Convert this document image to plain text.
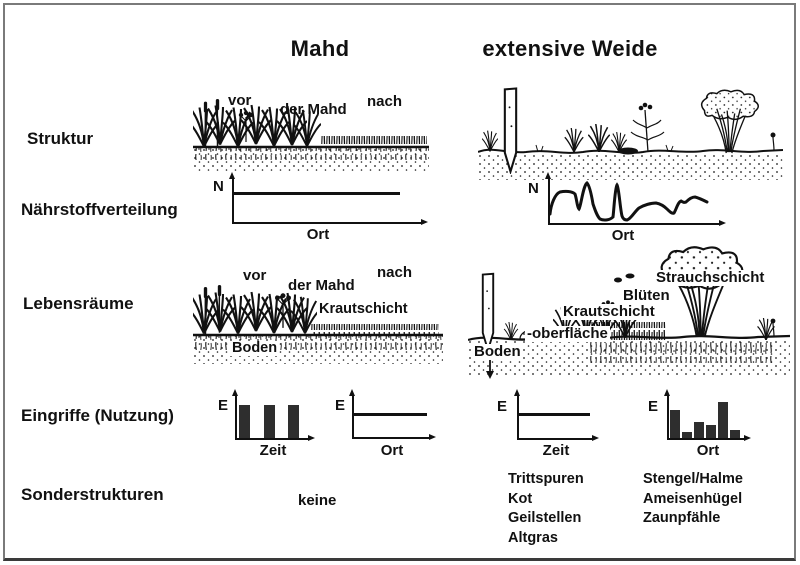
Mahd	extensive Weide
Struktur
Nährstoffverteilung
Lebensräume
Eingriffe (Nutzung)
Sonderstrukturen
vor
der Mahd nach
N
Ort
N
Ort
vor
der Mahd
nach
Krautschicht
Boden
Strauchschicht
Blüten
Krautschicht
-oberfläche
Boden
E
Zeit
E
Ort
E
Zeit
E
Ort
keine
Trittspuren
Kot
Geilstellen
Altgras
Stengel/Halme
Ameisenhügel
Zaunpfähle
